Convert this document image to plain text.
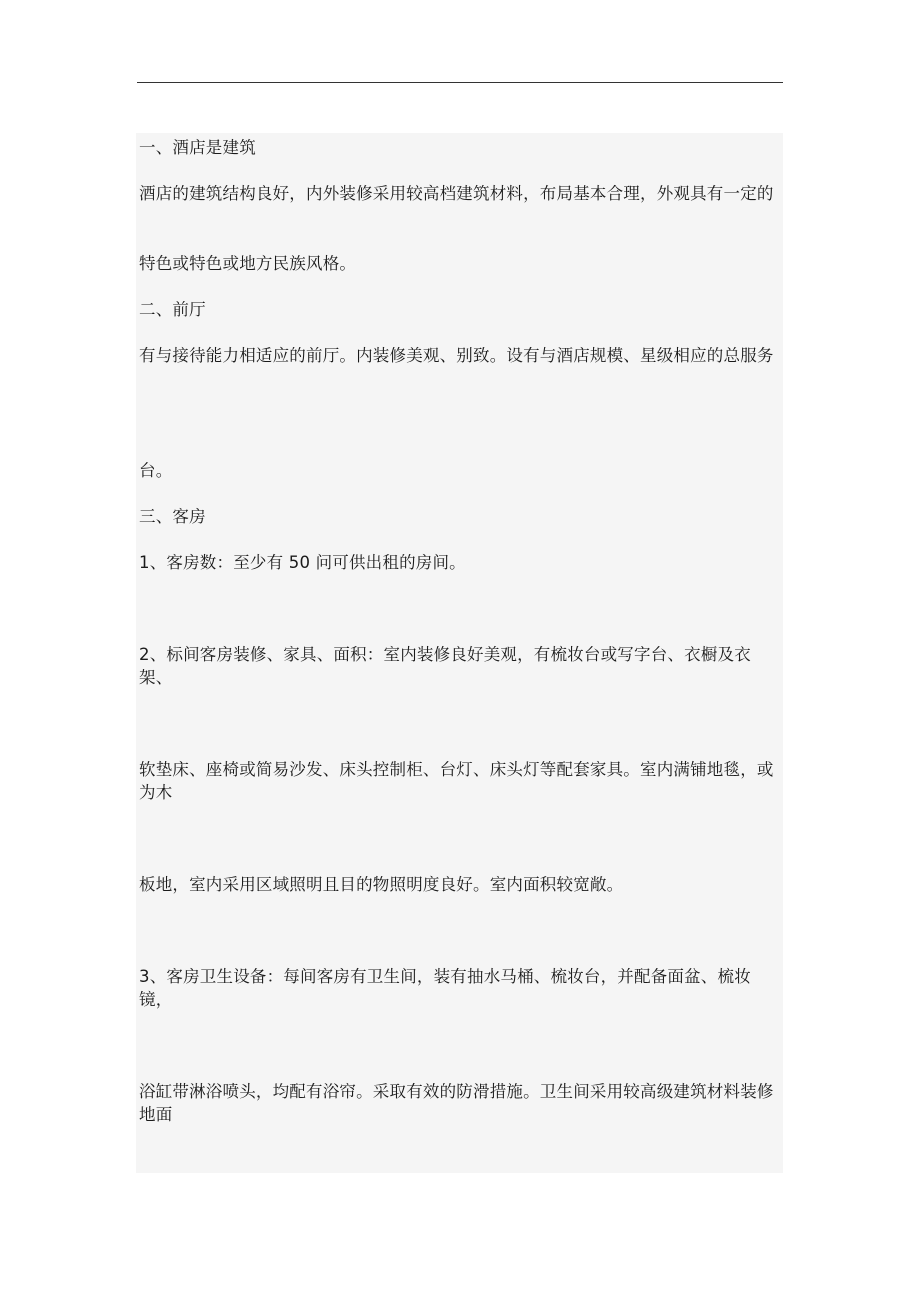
一、酒店是建筑
酒店的建筑结构良好，内外装修采用较高档建筑材料，布局基本合理，外观具有一定的
特色或特色或地方民族风格。
二、前厅
有与接待能力相适应的前厅。内装修美观、别致。设有与酒店规模、星级相应的总服务
台。
三、客房
1、客房数：至少有 50 问可供出租的房间。
2、标间客房装修、家具、面积：室内装修良好美观，有梳妆台或写字台、衣橱及衣架、
软垫床、座椅或简易沙发、床头控制柜、台灯、床头灯等配套家具。室内满铺地毯，或为木
板地，室内采用区域照明且目的物照明度良好。室内面积较宽敞。
3、客房卫生设备：每间客房有卫生间，装有抽水马桶、梳妆台，并配备面盆、梳妆镜，
浴缸带淋浴喷头，均配有浴帘。采取有效的防滑措施。卫生间采用较高级建筑材料装修地面
